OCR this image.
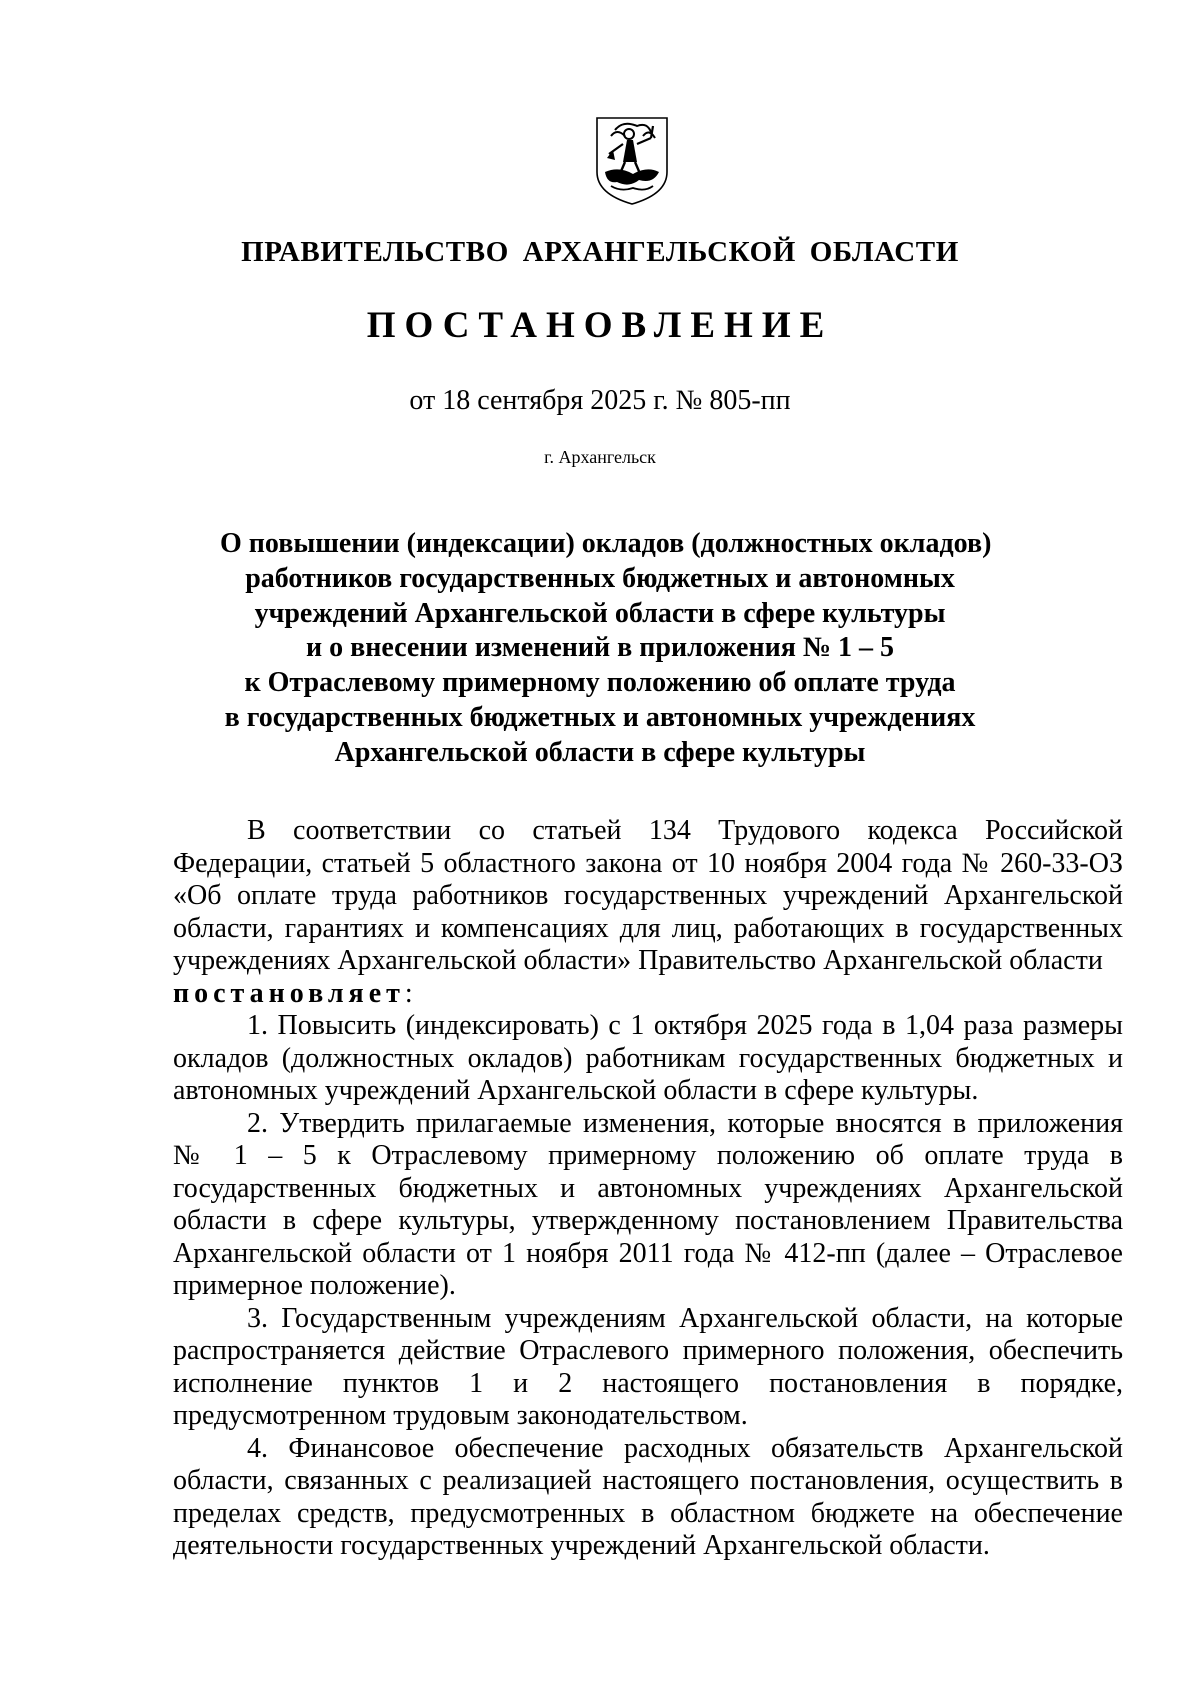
ПРАВИТЕЛЬСТВО АРХАНГЕЛЬСКОЙ ОБЛАСТИ
ПОСТАНОВЛЕНИЕ
от 18 сентября 2025 г. № 805-пп
г. Архангельск
О повышении (индексации) окладов (должностных окладов)
работников государственных бюджетных и автономных
учреждений Архангельской области в сфере культуры
и о внесении изменений в приложения № 1 – 5
к Отраслевому примерному положению об оплате труда
в государственных бюджетных и автономных учреждениях
Архангельской области в сфере культуры

В соответствии со статьей 134 Трудового кодекса Российской Федерации, статьей 5 областного закона от 10 ноября 2004 года № 260-33-ОЗ «Об оплате труда работников государственных учреждений Архангельской области, гарантиях и компенсациях для лиц, работающих в государственных учреждениях Архангельской области» Правительство Архангельской области
постановляет:

1. Повысить (индексировать) с 1 октября 2025 года в 1,04 раза размеры окладов (должностных окладов) работникам государственных бюджетных и автономных учреждений Архангельской области в сфере культуры.

2. Утвердить прилагаемые изменения, которые вносятся в приложения № 1 – 5 к Отраслевому примерному положению об оплате труда в государственных бюджетных и автономных учреждениях Архангельской области в сфере культуры, утвержденному постановлением Правительства Архангельской области от 1 ноября 2011 года № 412-пп (далее – Отраслевое примерное положение).

3. Государственным учреждениям Архангельской области, на которые распространяется действие Отраслевого примерного положения, обеспечить исполнение пунктов 1 и 2 настоящего постановления в порядке, предусмотренном трудовым законодательством.

4. Финансовое обеспечение расходных обязательств Архангельской области, связанных с реализацией настоящего постановления, осуществить в пределах средств, предусмотренных в областном бюджете на обеспечение деятельности государственных учреждений Архангельской области.
